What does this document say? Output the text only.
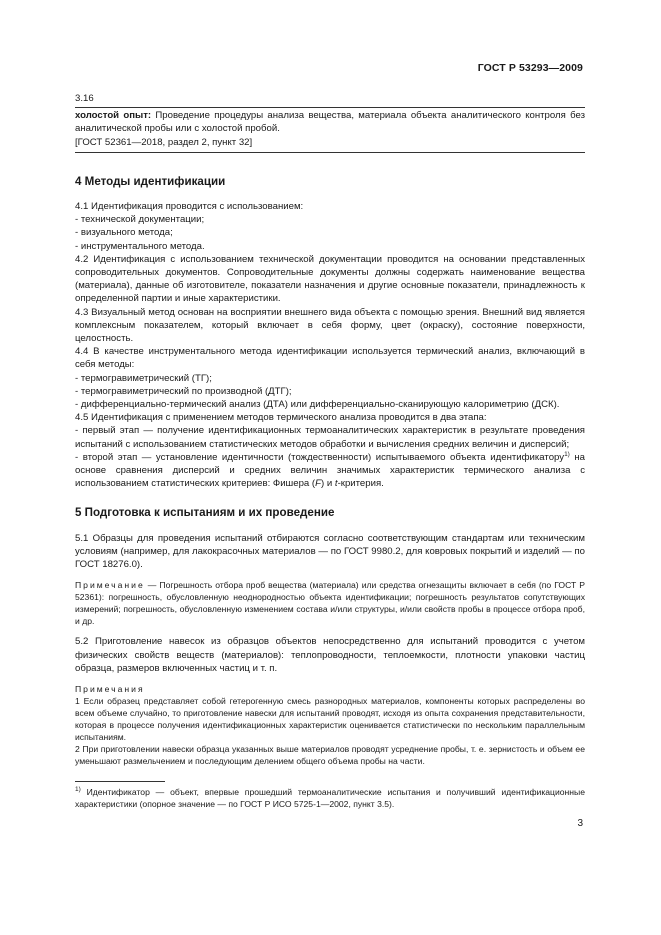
ГОСТ Р 53293—2009

3.16

холостой опыт: Проведение процедуры анализа вещества, материала объекта аналитического контроля без аналитической пробы или с холостой пробой.

[ГОСТ 52361—2018, раздел 2, пункт 32]

4 Методы идентификации

4.1 Идентификация проводится с использованием:

- технической документации;

- визуального метода;

- инструментального метода.

4.2 Идентификация с использованием технической документации проводится на основании представленных сопроводительных документов. Сопроводительные документы должны содержать наименование вещества (материала), данные об изготовителе, показатели назначения и другие основные показатели, принадлежность к определенной партии и иные характеристики.

4.3 Визуальный метод основан на восприятии внешнего вида объекта с помощью зрения. Внешний вид является комплексным показателем, который включает в себя форму, цвет (окраску), состояние поверхности, целостность.

4.4 В качестве инструментального метода идентификации используется термический анализ, включающий в себя методы:

- термогравиметрический (ТГ);

- термогравиметрический по производной (ДТГ);

- дифференциально-термический анализ (ДТА) или дифференциально-сканирующую калориметрию (ДСК).

4.5 Идентификация с применением методов термического анализа проводится в два этапа:

- первый этап — получение идентификационных термоаналитических характеристик в результате проведения испытаний с использованием статистических методов обработки и вычисления средних величин и дисперсий;

- второй этап — установление идентичности (тождественности) испытываемого объекта идентификатору$^{1)}$ на основе сравнения дисперсий и средних величин значимых характеристик термического анализа с использованием статистических критериев: Фишера (F) и t-критерия.

5 Подготовка к испытаниям и их проведение

5.1 Образцы для проведения испытаний отбираются согласно соответствующим стандартам или техническим условиям (например, для лакокрасочных материалов — по ГОСТ 9980.2, для ковровых покрытий и изделий — по ГОСТ 18276.0).

Примечание — Погрешность отбора проб вещества (материала) или средства огнезащиты включает в себя (по ГОСТ Р 52361): погрешность, обусловленную неоднородностью объекта идентификации; погрешность результатов сопутствующих измерений; погрешность, обусловленную изменением состава и/или структуры, и/или свойств пробы в процессе отбора проб, и др.

5.2 Приготовление навесок из образцов объектов непосредственно для испытаний проводится с учетом физических свойств веществ (материалов): теплопроводности, теплоемкости, плотности упаковки частиц образца, размеров включенных частиц и т. п.

Примечания

1 Если образец представляет собой гетерогенную смесь разнородных материалов, компоненты которых распределены во всем объеме случайно, то приготовление навески для испытаний проводят, исходя из опыта сохранения представительности, которая в процессе получения идентификационных характеристик оценивается статистически по нескольким параллельным испытаниям.

2 При приготовлении навески образца указанных выше материалов проводят усреднение пробы, т. е. зернистость и объем ее уменьшают размельчением и последующим делением общего объема пробы на части.

$^{1)}$ Идентификатор — объект, впервые прошедший термоаналитические испытания и получивший идентификационные характеристики (опорное значение — по ГОСТ Р ИСО 5725-1—2002, пункт 3.5).

3
